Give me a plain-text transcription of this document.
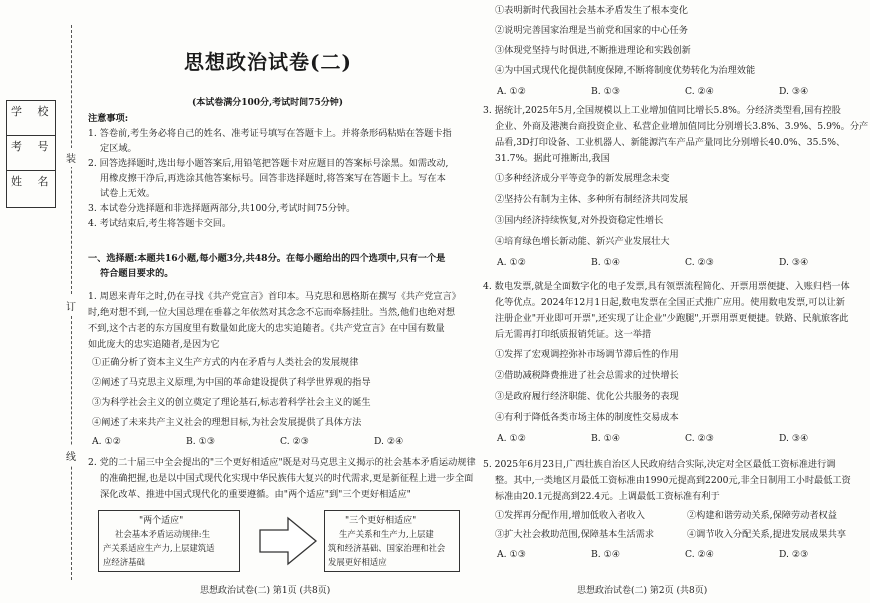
学 校
考 号
姓 名
装
订
线
思想政治试卷(二)
(本试卷满分100分,考试时间75分钟)
注意事项:
1. 答卷前,考生务必将自己的姓名、准考证号填写在答题卡上。并将条形码粘贴在答题卡指
定区域。
2. 回答选择题时,选出每小题答案后,用铅笔把答题卡对应题目的答案标号涂黑。如需改动,
用橡皮擦干净后,再选涂其他答案标号。回答非选择题时,将答案写在答题卡上。写在本
试卷上无效。
3. 本试卷分选择题和非选择题两部分,共100分,考试时间75分钟。
4. 考试结束后,考生将答题卡交回。
一、选择题:本题共16小题,每小题3分,共48分。在每小题给出的四个选项中,只有一个是
符合题目要求的。
1. 周恩来青年之时,仍在寻找《共产党宣言》首印本。马克思和恩格斯在撰写《共产党宣言》
时,绝对想不到,一位大国总理在垂暮之年依然对其念念不忘而牵肠挂肚。当然,他们也绝对想
不到,这个古老的东方国度里有数量如此庞大的忠实追随者。《共产党宣言》在中国有数量
如此庞大的忠实追随者,是因为它
①正确分析了资本主义生产方式的内在矛盾与人类社会的发展规律
②阐述了马克思主义原理,为中国的革命建设提供了科学世界观的指导
③为科学社会主义的创立奠定了理论基石,标志着科学社会主义的诞生
④阐述了未来共产主义社会的理想目标,为社会发展提供了具体方法
A. ①②	B. ①③	C. ②③	D. ②④
2. 党的二十届三中全会提出的"三个更好相适应"既是对马克思主义揭示的社会基本矛盾运动规律
的准确把握,也是以中国式现代化实现中华民族伟大复兴的时代需求,更是新征程上进一步全面
深化改革、推进中国式现代化的重要遵循。由"两个适应"到"三个更好相适应"
"两个适应"
社会基本矛盾运动规律:生
产关系适应生产力,上层建筑适
应经济基础
"三个更好相适应"
生产关系和生产力,上层建
筑和经济基础、国家治理和社会
发展更好相适应
思想政治试卷(二) 第1页 (共8页)
①表明新时代我国社会基本矛盾发生了根本变化
②说明完善国家治理是当前党和国家的中心任务
③体现党坚持与时俱进,不断推进理论和实践创新
④为中国式现代化提供制度保障,不断将制度优势转化为治理效能
A. ①②	B. ①③	C. ②④	D. ③④
3. 据统计,2025年5月,全国规模以上工业增加值同比增长5.8%。分经济类型看,国有控股
企业、外商及港澳台商投资企业、私营企业增加值同比分别增长3.8%、3.9%、5.9%。分产
品看,3D打印设备、工业机器人、新能源汽车产品产量同比分别增长40.0%、35.5%、
31.7%。据此可推断出,我国
①多种经济成分平等竞争的新发展理念未变
②坚持公有制为主体、多种所有制经济共同发展
③国内经济持续恢复,对外投资稳定性增长
④培育绿色增长新动能、新兴产业发展壮大
A. ①②	B. ①④	C. ②③	D. ③④
4. 数电发票,就是全面数字化的电子发票,具有领票流程简化、开票用票便捷、入账归档一体
化等优点。2024年12月1日起,数电发票在全国正式推广应用。使用数电发票,可以让新
注册企业"开业即可开票",还实现了让企业"少跑腿",开票用票更便捷。铁路、民航旅客此
后无需再打印纸质报销凭证。这一举措
①发挥了宏观调控弥补市场调节滞后性的作用
②借助减税降费推进了社会总需求的过快增长
③是政府履行经济职能、优化公共服务的表现
④有利于降低各类市场主体的制度性交易成本
A. ①②	B. ①④	C. ②③	D. ③④
5. 2025年6月23日,广西壮族自治区人民政府结合实际,决定对全区最低工资标准进行调
整。其中,一类地区月最低工资标准由1990元提高到2200元,非全日制用工小时最低工资
标准由20.1元提高到22.4元。上调最低工资标准有利于
①发挥再分配作用,增加低收入者收入	②构建和谐劳动关系,保障劳动者权益
③扩大社会救助范围,保障基本生活需求	④调节收入分配关系,提进发展成果共享
A. ①③	B. ①④	C. ②④	D. ②③
思想政治试卷(二) 第2页 (共8页)
